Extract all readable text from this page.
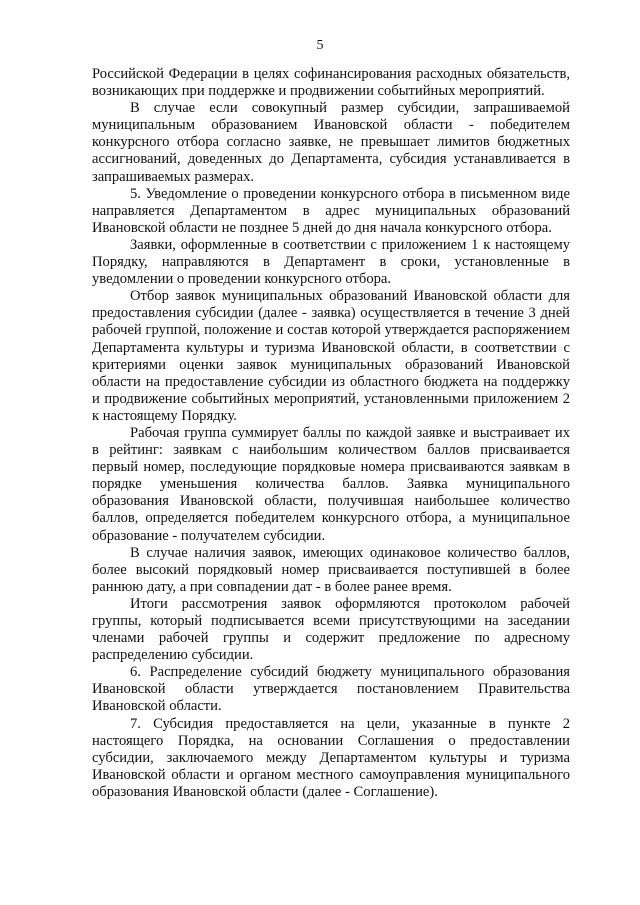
5

Российской Федерации в целях софинансирования расходных обязательств, возникающих при поддержке и продвижении событийных мероприятий.

В случае если совокупный размер субсидии, запрашиваемой муниципальным образованием Ивановской области - победителем конкурсного отбора согласно заявке, не превышает лимитов бюджетных ассигнований, доведенных до Департамента, субсидия устанавливается в запрашиваемых размерах.

5. Уведомление о проведении конкурсного отбора в письменном виде направляется Департаментом в адрес муниципальных образований Ивановской области не позднее 5 дней до дня начала конкурсного отбора.

Заявки, оформленные в соответствии с приложением 1 к настоящему Порядку, направляются в Департамент в сроки, установленные в уведомлении о проведении конкурсного отбора.

Отбор заявок муниципальных образований Ивановской области для предоставления субсидии (далее - заявка) осуществляется в течение 3 дней рабочей группой, положение и состав которой утверждается распоряжением Департамента культуры и туризма Ивановской области, в соответствии с критериями оценки заявок муниципальных образований Ивановской области на предоставление субсидии из областного бюджета на поддержку и продвижение событийных мероприятий, установленными приложением 2 к настоящему Порядку.

Рабочая группа суммирует баллы по каждой заявке и выстраивает их в рейтинг: заявкам с наибольшим количеством баллов присваивается первый номер, последующие порядковые номера присваиваются заявкам в порядке уменьшения количества баллов. Заявка муниципального образования Ивановской области, получившая наибольшее количество баллов, определяется победителем конкурсного отбора, а муниципальное образование - получателем субсидии.

В случае наличия заявок, имеющих одинаковое количество баллов, более высокий порядковый номер присваивается поступившей в более раннюю дату, а при совпадении дат - в более ранее время.

Итоги рассмотрения заявок оформляются протоколом рабочей группы, который подписывается всеми присутствующими на заседании членами рабочей группы и содержит предложение по адресному распределению субсидии.

6. Распределение субсидий бюджету муниципального образования Ивановской области утверждается постановлением Правительства Ивановской области.

7. Субсидия предоставляется на цели, указанные в пункте 2 настоящего Порядка, на основании Соглашения о предоставлении субсидии, заключаемого между Департаментом культуры и туризма Ивановской области и органом местного самоуправления муниципального образования Ивановской области (далее - Соглашение).
